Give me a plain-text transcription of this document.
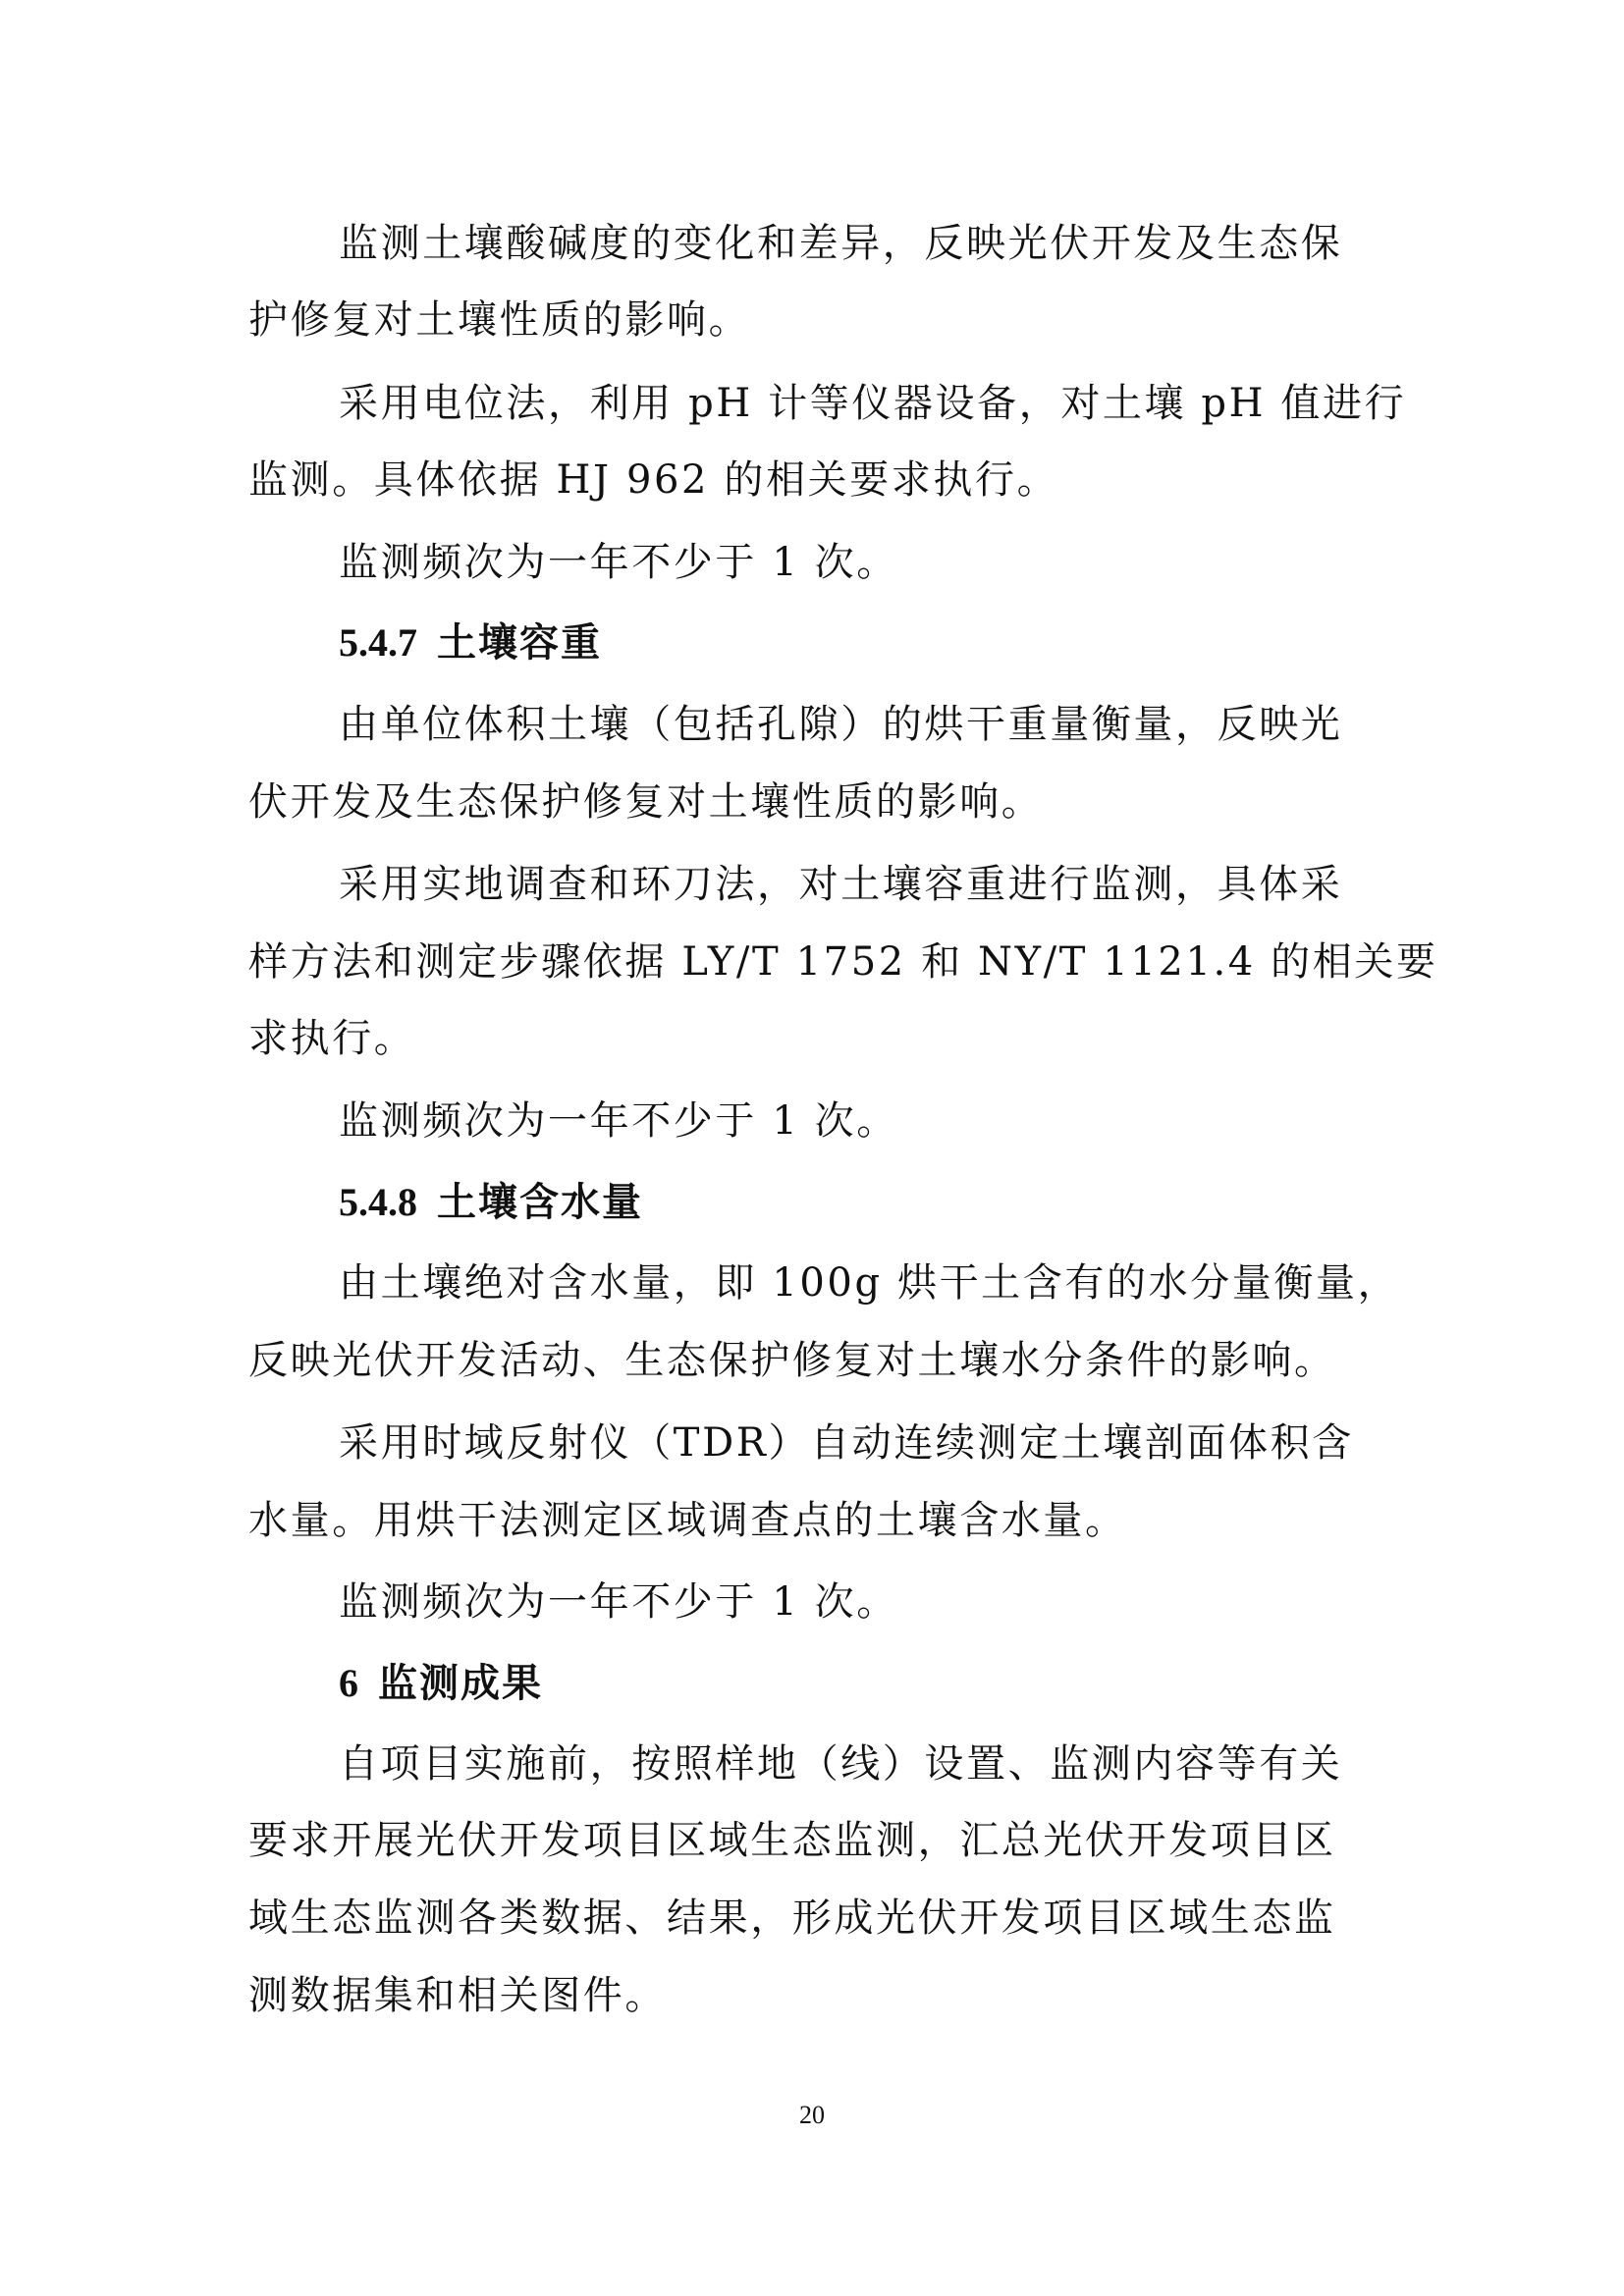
监测土壤酸碱度的变化和差异，反映光伏开发及生态保
护修复对土壤性质的影响。
采用电位法，利用 pH 计等仪器设备，对土壤 pH 值进行
监测。具体依据 HJ 962 的相关要求执行。
监测频次为一年不少于 1 次。
5.4.7 土壤容重
由单位体积土壤（包括孔隙）的烘干重量衡量，反映光
伏开发及生态保护修复对土壤性质的影响。
采用实地调查和环刀法，对土壤容重进行监测，具体采
样方法和测定步骤依据 LY/T 1752 和 NY/T 1121.4 的相关要
求执行。
监测频次为一年不少于 1 次。
5.4.8 土壤含水量
由土壤绝对含水量，即 100g 烘干土含有的水分量衡量，
反映光伏开发活动、生态保护修复对土壤水分条件的影响。
采用时域反射仪（TDR）自动连续测定土壤剖面体积含
水量。用烘干法测定区域调查点的土壤含水量。
监测频次为一年不少于 1 次。
6 监测成果
自项目实施前，按照样地（线）设置、监测内容等有关
要求开展光伏开发项目区域生态监测，汇总光伏开发项目区
域生态监测各类数据、结果，形成光伏开发项目区域生态监
测数据集和相关图件。
20
